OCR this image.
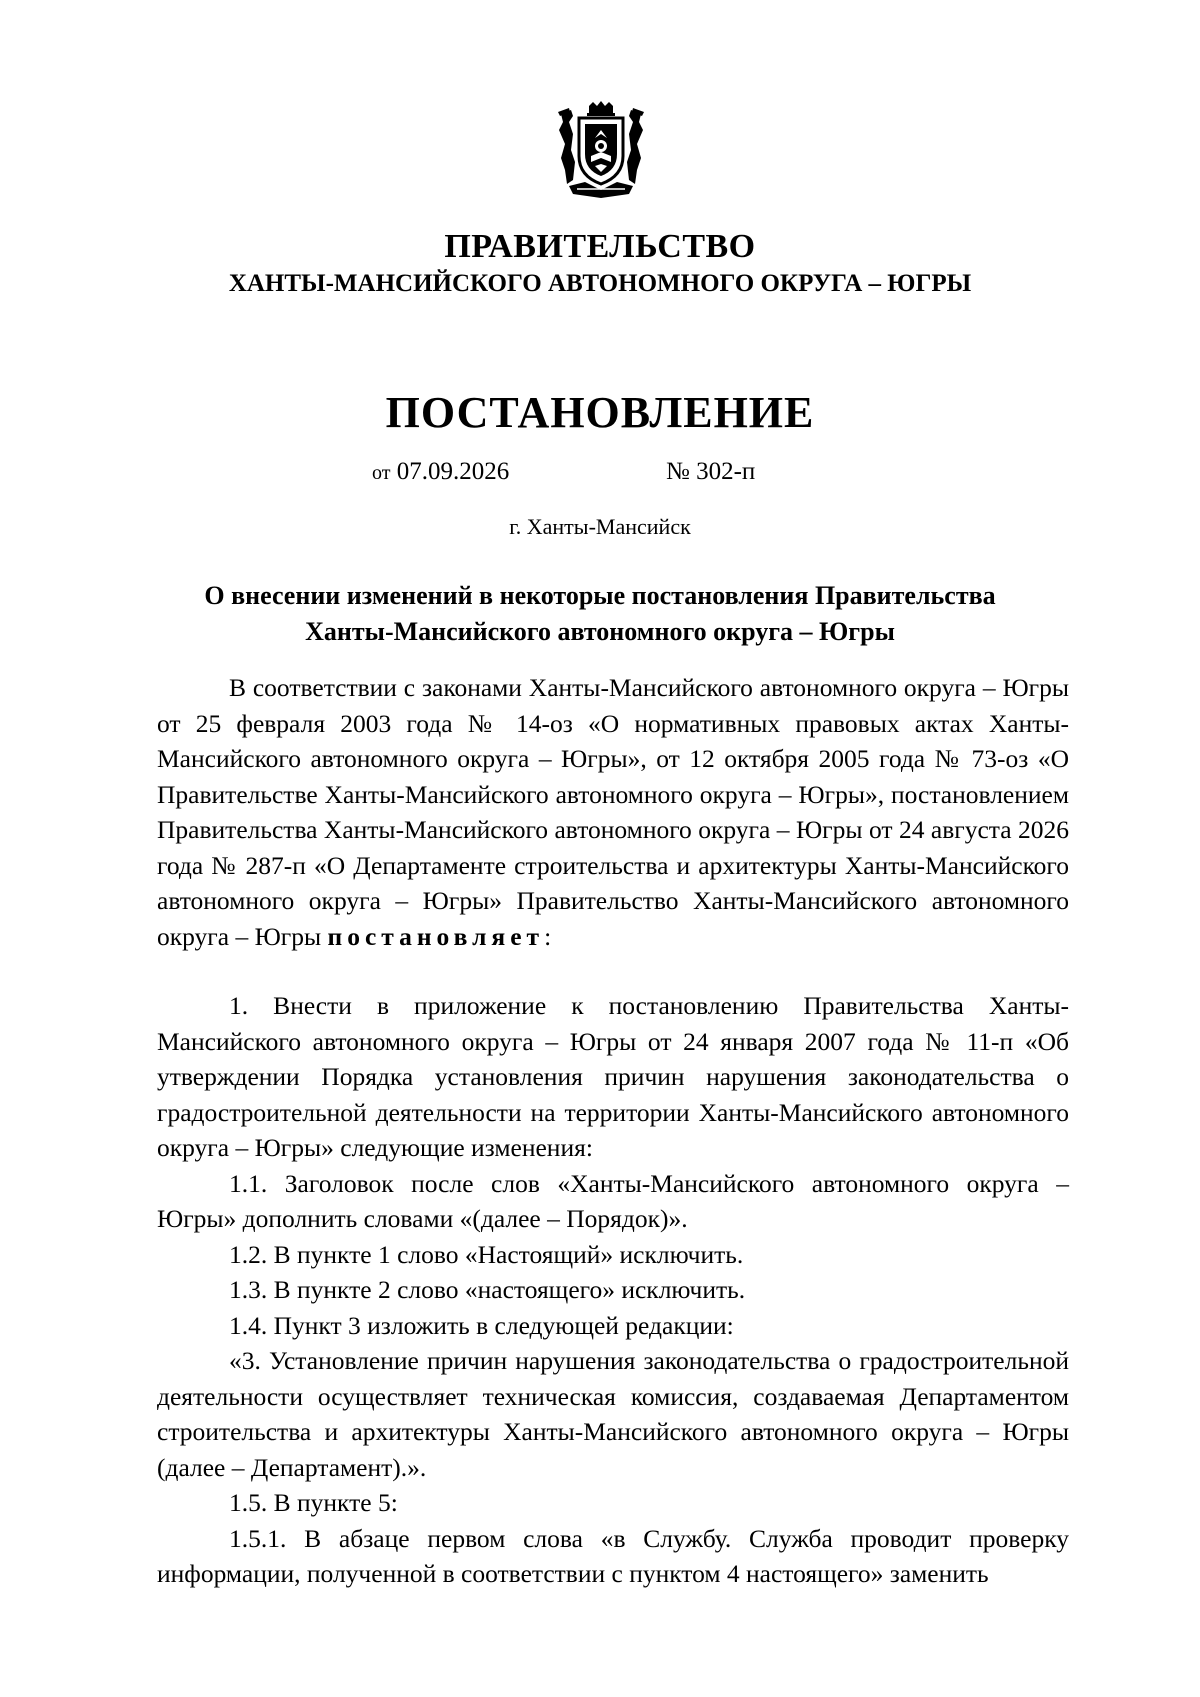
ПРАВИТЕЛЬСТВО
ХАНТЫ-МАНСИЙСКОГО АВТОНОМНОГО ОКРУГА – ЮГРЫ
ПОСТАНОВЛЕНИЕ
от 07.09.2026	№ 302-п
г. Ханты-Мансийск
О внесении изменений в некоторые постановления Правительства
Ханты-Мансийского автономного округа – Югры

В соответствии с законами Ханты-Мансийского автономного округа – Югры от 25 февраля 2003 года № 14-оз «О нормативных правовых актах Ханты-Мансийского автономного округа – Югры», от 12 октября 2005 года № 73-оз «О Правительстве Ханты-Мансийского автономного округа – Югры», постановлением Правительства Ханты-Мансийского автономного округа – Югры от 24 августа 2026 года № 287-п «О Департаменте строительства и архитектуры Ханты-Мансийского автономного округа – Югры» Правительство Ханты-Мансийского автономного округа – Югры постановляет:

1. Внести в приложение к постановлению Правительства Ханты-Мансийского автономного округа – Югры от 24 января 2007 года № 11-п «Об утверждении Порядка установления причин нарушения законодательства о градостроительной деятельности на территории Ханты-Мансийского автономного округа – Югры» следующие изменения:

1.1. Заголовок после слов «Ханты-Мансийского автономного округа – Югры» дополнить словами «(далее – Порядок)».

1.2. В пункте 1 слово «Настоящий» исключить.

1.3. В пункте 2 слово «настоящего» исключить.

1.4. Пункт 3 изложить в следующей редакции:

«3. Установление причин нарушения законодательства о градостроительной деятельности осуществляет техническая комиссия, создаваемая Департаментом строительства и архитектуры Ханты-Мансийского автономного округа – Югры (далее – Департамент).».

1.5. В пункте 5:

1.5.1. В абзаце первом слова «в Службу. Служба проводит проверку информации, полученной в соответствии с пунктом 4 настоящего» заменить
